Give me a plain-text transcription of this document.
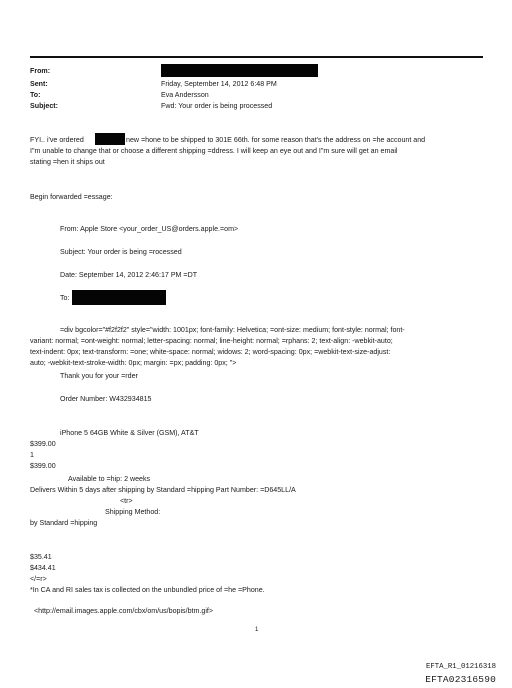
From:
Sent:
To:
Subject:
Friday, September 14, 2012 6:48 PM
Eva Andersson
Fwd: Your order is being processed
FYI.. i've ordered	new =hone to be shipped to 301E 66th. for some reason that's the address on =he account and
I"m unable to change that or choose a different shipping =ddress. I will keep an eye out and I"m sure will get an email
stating =hen it ships out
Begin forwarded =essage:
From: Apple Store <your_order_US@orders.apple.=om>
Subject: Your order is being =rocessed
Date: September 14, 2012 2:46:17 PM =DT
To:
=div bgcolor="#f2f2f2" style="width: 1001px; font-family: Helvetica; =ont-size: medium; font-style: normal; font-
variant: normal; =ont-weight: normal; letter-spacing: normal; line-height: normal; =rphans: 2; text-align: -webkit-auto;
text-indent: 0px; text-transform: =one; white-space: normal; widows: 2; word-spacing: 0px; =webkit-text-size-adjust:
auto; -webkit-text-stroke-width: 0px; margin: =px; padding: 0px; ">
Thank you for your =rder
Order Number: W432934815
iPhone 5 64GB White & Silver (GSM), AT&T
$399.00
1
$399.00
Available to =hip: 2 weeks
Delivers Within 5 days after shipping by Standard =hipping Part Number: =D645LL/A
<tr>
Shipping Method:
by Standard =hipping
$35.41
$434.41
</=r>
*In CA and RI sales tax is collected on the unbundled price of =he =Phone.
<http://email.images.apple.com/cbx/om/us/bopis/btm.gif>
1
EFTA_R1_01216318
EFTA02316590
